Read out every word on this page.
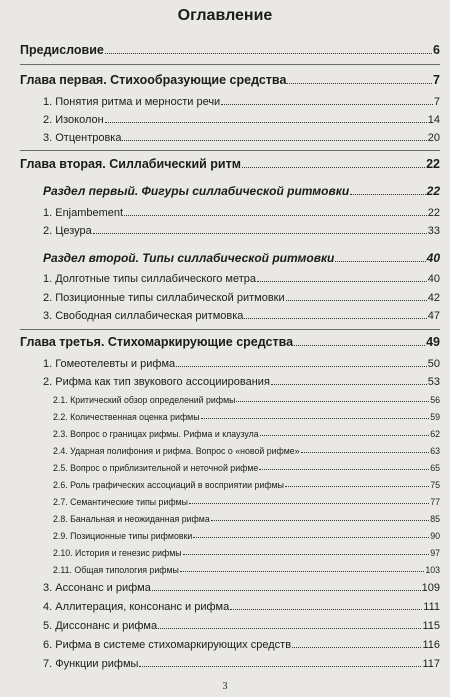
Оглавление
Предисловие	6
Глава первая. Стихообразующие средства	7
1. Понятия ритма и мерности речи	7
2. Изоколон	14
3. Отцентровка	20
Глава вторая. Силлабический ритм	22
Раздел первый. Фигуры силлабической ритмовки	22
1. Enjambement	22
2. Цезура	33
Раздел второй. Типы силлабической ритмовки	40
1. Долготные типы силлабического метра	40
2. Позиционные типы силлабической ритмовки	42
3. Свободная силлабическая ритмовка	47
Глава третья. Стихомаркирующие средства	49
1. Гомеотелевты и рифма	50
2. Рифма как тип звукового ассоциирования	53
2.1. Критический обзор определений рифмы	56
2.2. Количественная оценка рифмы	59
2.3. Вопрос о границах рифмы. Рифма и клаузула	62
2.4. Ударная полифония и рифма. Вопрос о «новой рифме»	63
2.5. Вопрос о приблизительной и неточной рифме	65
2.6. Роль графических ассоциаций в восприятии рифмы	75
2.7. Семантические типы рифмы	77
2.8. Банальная и неожиданная рифма	85
2.9. Позиционные типы рифмовки	90
2.10. История и генезис рифмы	97
2.11. Общая типология рифмы	103
3. Ассонанс и рифма	109
4. Аллитерация, консонанс и рифма	111
5. Диссонанс и рифма	115
6. Рифма в системе стихомаркирующих средств	116
7. Функции рифмы	117
3
